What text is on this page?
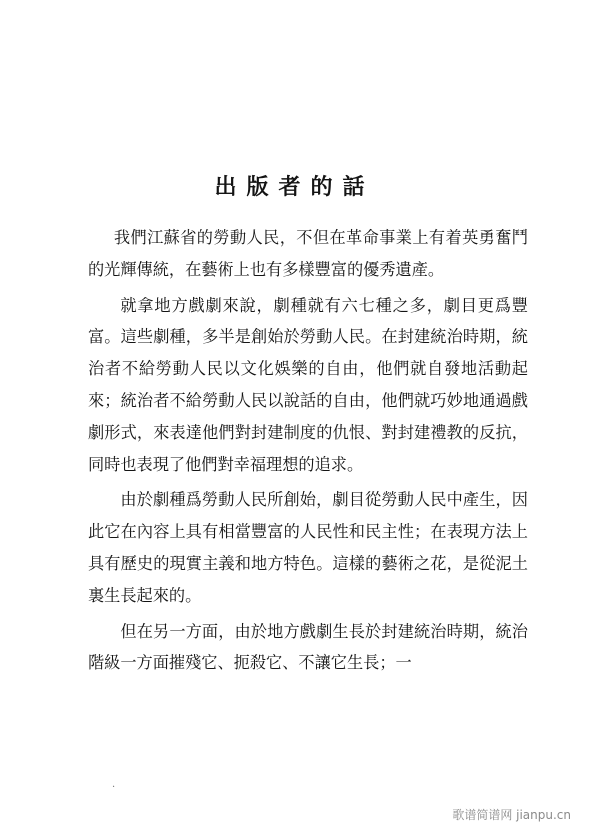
出版者的話

我們江蘇省的勞動人民，不但在革命事業上有着英勇奮鬥的光輝傳統，在藝術上也有多樣豐富的優秀遺產。

就拿地方戲劇來說，劇種就有六七種之多，劇目更爲豐富。這些劇種，多半是創始於勞動人民。在封建統治時期，統治者不給勞動人民以文化娛樂的自由，他們就自發地活動起來；統治者不給勞動人民以說話的自由，他們就巧妙地通過戲劇形式，來表達他們對封建制度的仇恨、對封建禮教的反抗，同時也表現了他們對幸福理想的追求。

由於劇種爲勞動人民所創始，劇目從勞動人民中產生，因此它在內容上具有相當豐富的人民性和民主性；在表現方法上具有歷史的現實主義和地方特色。這樣的藝術之花，是從泥土裏生長起來的。

但在另一方面，由於地方戲劇生長於封建統治時期，統治階級一方面摧殘它、扼殺它、不讓它生長；一

·
歌谱简谱网 jianpu.cn
